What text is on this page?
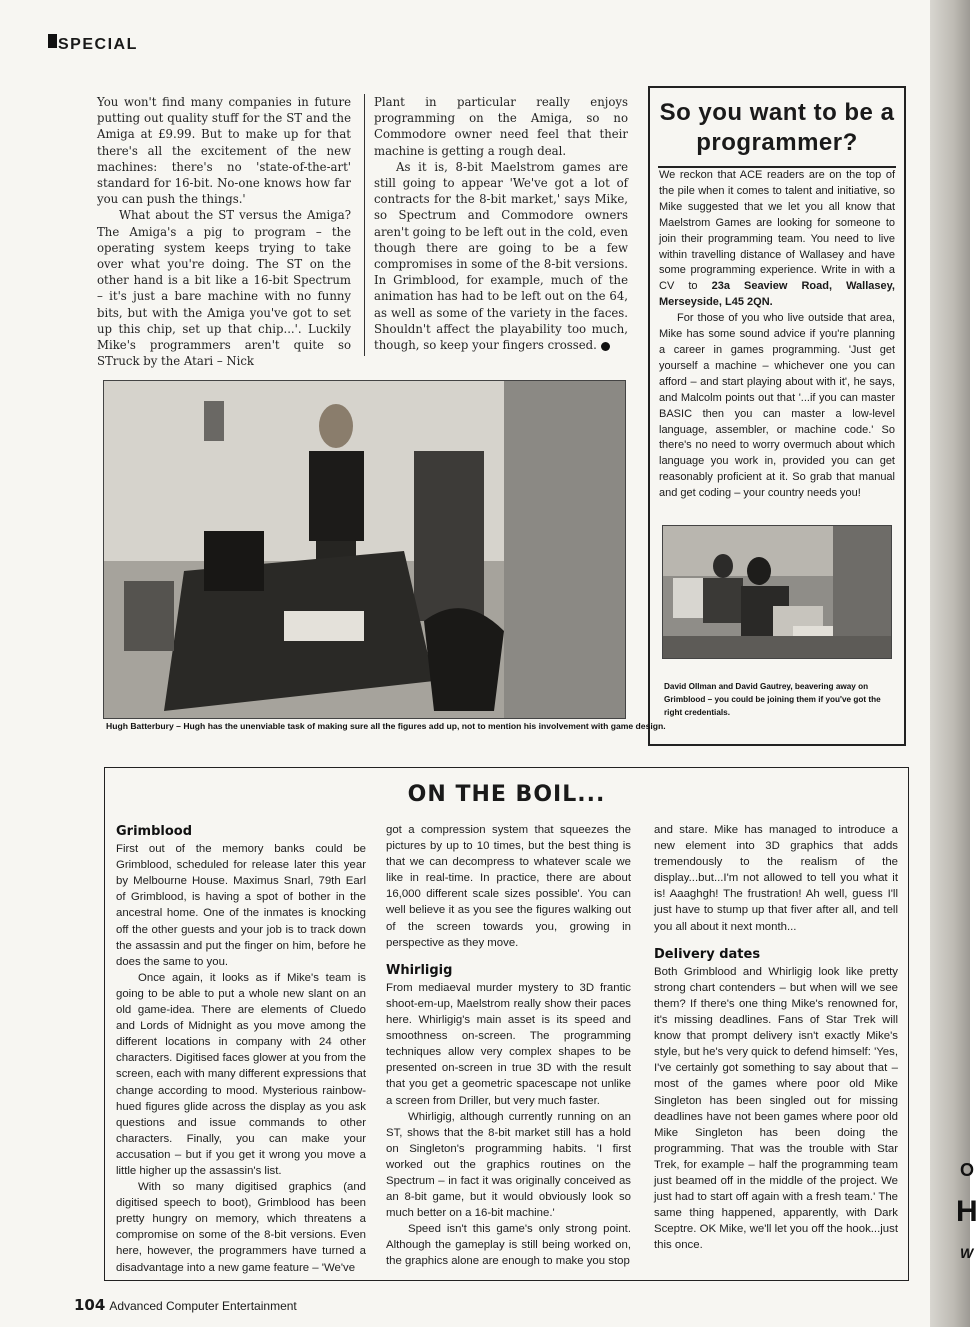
O
H
W
SPECIAL

You won't find many companies in future putting out quality stuff for the ST and the Amiga at £9.99. But to make up for that there's all the excitement of the new machines: there's no 'state-of-the-art' standard for 16-bit. No-one knows how far you can push the things.'

What about the ST versus the Amiga? The Amiga's a pig to program – the operating system keeps trying to take over what you're doing. The ST on the other hand is a bit like a 16-bit Spectrum – it's just a bare machine with no funny bits, but with the Amiga you've got to set up this chip, set up that chip...'. Luckily Mike's programmers aren't quite so STruck by the Atari – Nick

Plant in particular really enjoys programming on the Amiga, so no Commodore owner need feel that their machine is getting a rough deal.

As it is, 8-bit Maelstrom games are still going to appear 'We've got a lot of contracts for the 8-bit market,' says Mike, so Spectrum and Commodore owners aren't going to be left out in the cold, even though there are going to be a few compromises in some of the 8-bit versions. In Grimblood, for example, much of the animation has had to be left out on the 64, as well as some of the variety in the faces. Shouldn't affect the playability too much, though, so keep your fingers crossed.

So you want to be a programmer?

We reckon that ACE readers are on the top of the pile when it comes to talent and initiative, so Mike suggested that we let you all know that Maelstrom Games are looking for someone to join their programming team. You need to live within travelling distance of Wallasey and have some programming experience. Write in with a CV to 23a Seaview Road, Wallasey, Merseyside, L45 2QN.

For those of you who live outside that area, Mike has some sound advice if you're planning a career in games programming. 'Just get yourself a machine – whichever one you can afford – and start playing about with it', he says, and Malcolm points out that '...if you can master BASIC then you can master a low-level language, assembler, or machine code.' So there's no need to worry overmuch about which language you work in, provided you can get reasonably proficient at it. So grab that manual and get coding – your country needs you!

David Ollman and David Gautrey, beavering away on Grimblood – you could be joining them if you've got the right credentials.
Hugh Batterbury – Hugh has the unenviable task of making sure all the figures add up, not to mention his involvement with game design.
ON THE BOIL...
Grimblood

First out of the memory banks could be Grimblood, scheduled for release later this year by Melbourne House. Maximus Snarl, 79th Earl of Grimblood, is having a spot of bother in the ancestral home. One of the inmates is knocking off the other guests and your job is to track down the assassin and put the finger on him, before he does the same to you.

Once again, it looks as if Mike's team is going to be able to put a whole new slant on an old game-idea. There are elements of Cluedo and Lords of Midnight as you move among the different locations in company with 24 other characters. Digitised faces glower at you from the screen, each with many different expressions that change according to mood. Mysterious rainbow-hued figures glide across the display as you ask questions and issue commands to other characters. Finally, you can make your accusation – but if you get it wrong you move a little higher up the assassin's list.

With so many digitised graphics (and digitised speech to boot), Grimblood has been pretty hungry on memory, which threatens a compromise on some of the 8-bit versions. Even here, however, the programmers have turned a disadvantage into a new game feature – 'We've

got a compression system that squeezes the pictures by up to 10 times, but the best thing is that we can decompress to whatever scale we like in real-time. In practice, there are about 16,000 different scale sizes possible'. You can well believe it as you see the figures walking out of the screen towards you, growing in perspective as they move.

Whirligig

From mediaeval murder mystery to 3D frantic shoot-em-up, Maelstrom really show their paces here. Whirligig's main asset is its speed and smoothness on-screen. The programming techniques allow very complex shapes to be presented on-screen in true 3D with the result that you get a geometric spacescape not unlike a screen from Driller, but very much faster.

Whirligig, although currently running on an ST, shows that the 8-bit market still has a hold on Singleton's programming habits. 'I first worked out the graphics routines on the Spectrum – in fact it was originally conceived as an 8-bit game, but it would obviously look so much better on a 16-bit machine.'

Speed isn't this game's only strong point. Although the gameplay is still being worked on, the graphics alone are enough to make you stop

and stare. Mike has managed to introduce a new element into 3D graphics that adds tremendously to the realism of the display...but...I'm not allowed to tell you what it is! Aaaghgh! The frustration! Ah well, guess I'll just have to stump up that fiver after all, and tell you all about it next month...

Delivery dates

Both Grimblood and Whirligig look like pretty strong chart contenders – but when will we see them? If there's one thing Mike's renowned for, it's missing deadlines. Fans of Star Trek will know that prompt delivery isn't exactly Mike's style, but he's very quick to defend himself: 'Yes, I've certainly got something to say about that – most of the games where poor old Mike Singleton has been singled out for missing deadlines have not been games where poor old Mike Singleton has been doing the programming. That was the trouble with Star Trek, for example – half the programming team just beamed off in the middle of the project. We just had to start off again with a fresh team.' The same thing happened, apparently, with Dark Sceptre. OK Mike, we'll let you off the hook...just this once.

104 Advanced Computer Entertainment
